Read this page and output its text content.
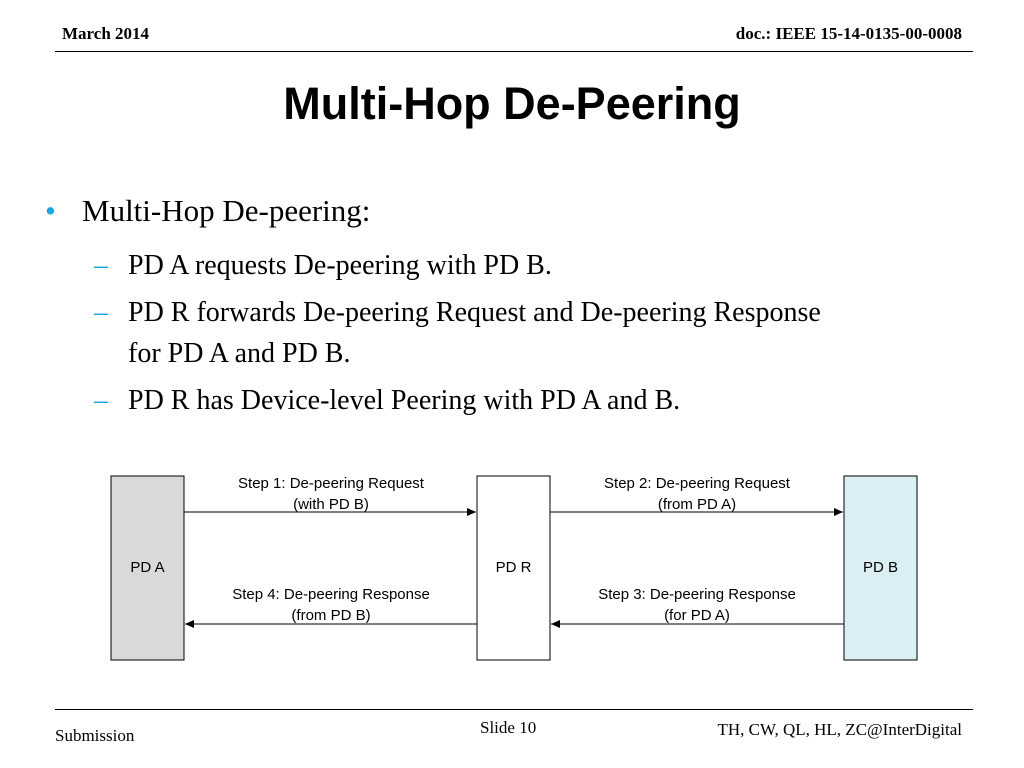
March 2014	doc.: IEEE 15-14-0135-00-0008
Multi-Hop De-Peering
• Multi-Hop De-peering:
– PD A requests De-peering with PD B.
– PD R forwards De-peering Request and De-peering Response for PD A and PD B.
– PD R has Device-level Peering with PD A and B.
PD A	PD R	PD B
Step 1: De-peering Request
(with PD B)
Step 2: De-peering Request
(from PD A)
Step 3: De-peering Response
(for PD A)
Step 4: De-peering Response
(from PD B)
Submission	Slide 10	TH, CW, QL, HL, ZC@InterDigital
